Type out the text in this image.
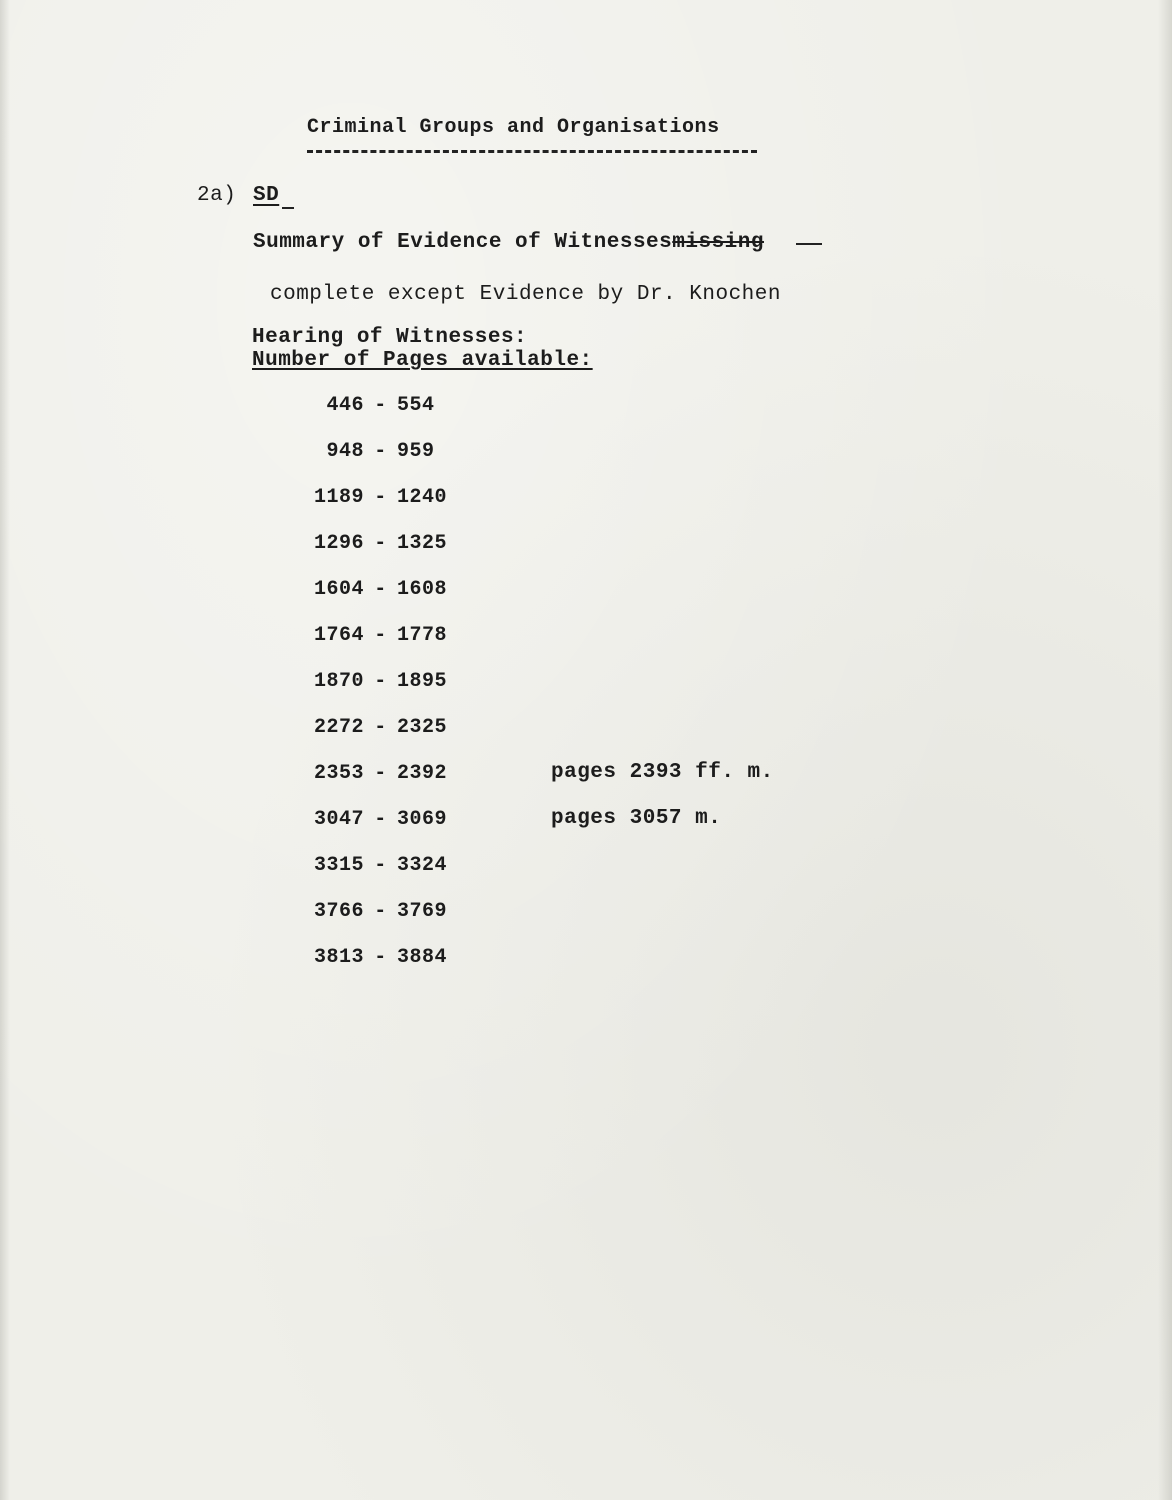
Criminal Groups and Organisations
2a) SD
Summary of Evidence of Witnessesmissing
complete except Evidence by Dr. Knochen
Hearing of Witnesses:
Number of Pages available:
446 - 554
948 - 959
1189 - 1240
1296 - 1325
1604 - 1608
1764 - 1778
1870 - 1895
2272 - 2325
2353 - 2392	pages 2393 ff. m.
3047 - 3069	pages 3057 m.
3315 - 3324
3766 - 3769
3813 - 3884
